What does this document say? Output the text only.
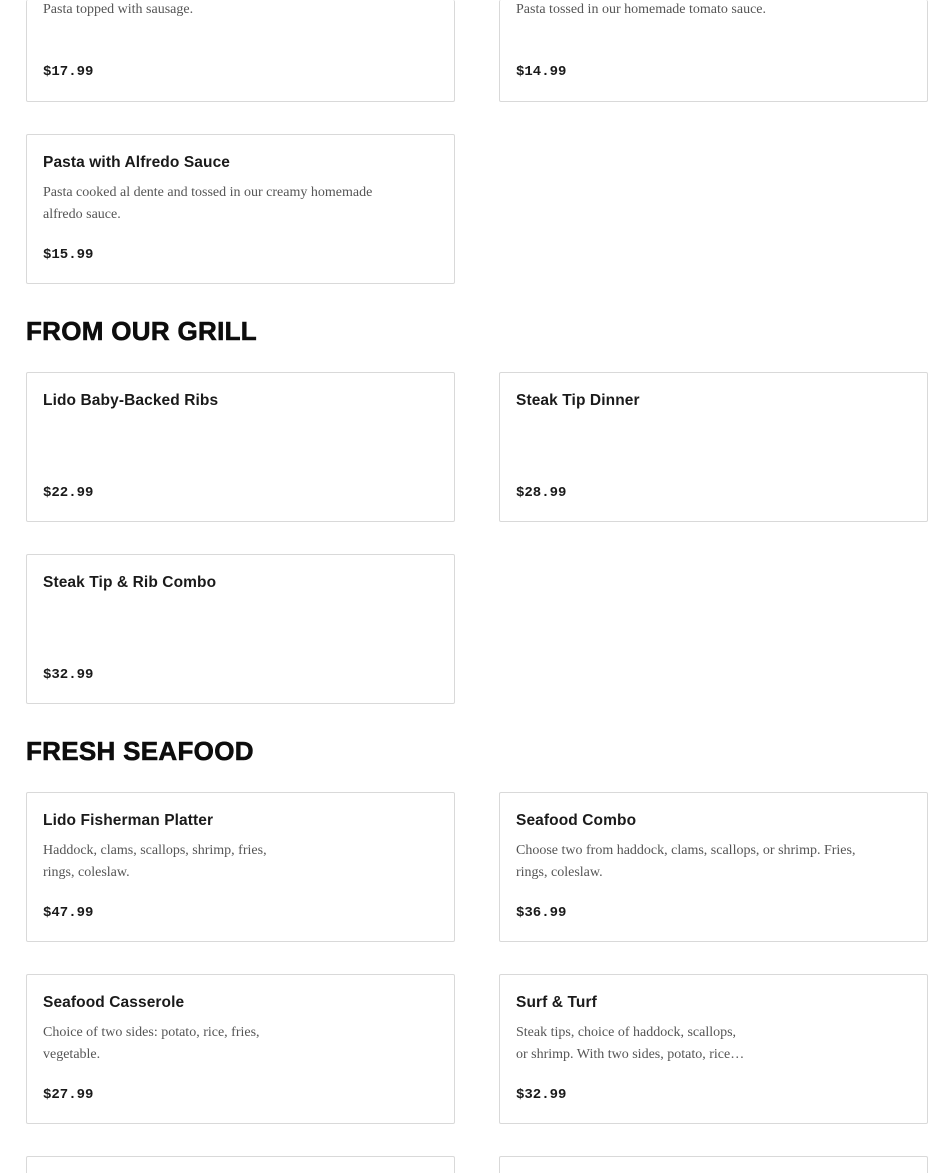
Pasta topped with sausage.
$17.99
Pasta tossed in our homemade tomato sauce.
$14.99
Pasta with Alfredo Sauce
Pasta cooked al dente and tossed in our creamy homemade
alfredo sauce.
$15.99
FROM OUR GRILL
Lido Baby-Backed Ribs
$22.99
Steak Tip Dinner
$28.99
Steak Tip & Rib Combo
$32.99
FRESH SEAFOOD
Lido Fisherman Platter
Haddock, clams, scallops, shrimp, fries,
rings, coleslaw.
$47.99
Seafood Combo
Choose two from haddock, clams, scallops, or shrimp. Fries,
rings, coleslaw.
$36.99
Seafood Casserole
Choice of two sides: potato, rice, fries,
vegetable.
$27.99
Surf & Turf
Steak tips, choice of haddock, scallops,
or shrimp. With two sides, potato, rice…
$32.99
